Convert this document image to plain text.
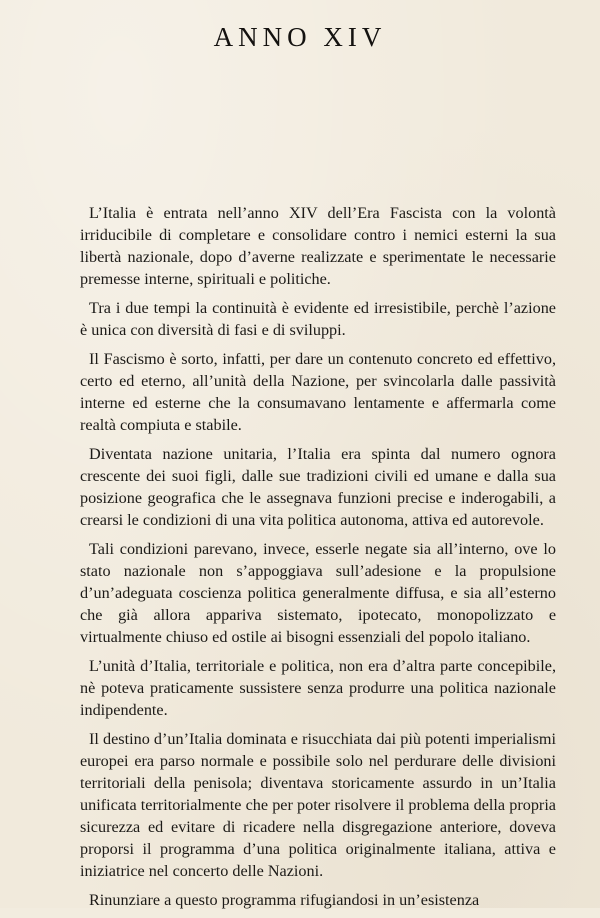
ANNO XIV

L’Italia è entrata nell’anno XIV dell’Era Fascista con la volontà irriducibile di completare e consolidare contro i nemici esterni la sua libertà nazionale, dopo d’averne realizzate e sperimentate le necessarie premesse interne, spirituali e politiche.

Tra i due tempi la continuità è evidente ed irresistibile, perchè l’azione è unica con diversità di fasi e di sviluppi.

Il Fascismo è sorto, infatti, per dare un contenuto concreto ed effettivo, certo ed eterno, all’unità della Nazione, per svincolarla dalle passività interne ed esterne che la consumavano lentamente e affermarla come realtà compiuta e stabile.

Diventata nazione unitaria, l’Italia era spinta dal numero ognora crescente dei suoi figli, dalle sue tradizioni civili ed umane e dalla sua posizione geografica che le assegnava funzioni precise e inderogabili, a crearsi le condizioni di una vita politica autonoma, attiva ed autorevole.

Tali condizioni parevano, invece, esserle negate sia all’interno, ove lo stato nazionale non s’appoggiava sull’adesione e la propulsione d’un’adeguata coscienza politica generalmente diffusa, e sia all’esterno che già allora appariva sistemato, ipotecato, monopolizzato e virtualmente chiuso ed ostile ai bisogni essenziali del popolo italiano.

L’unità d’Italia, territoriale e politica, non era d’altra parte concepibile, nè poteva praticamente sussistere senza produrre una politica nazionale indipendente.

Il destino d’un’Italia dominata e risucchiata dai più potenti imperialismi europei era parso normale e possibile solo nel perdurare delle divisioni territoriali della penisola; diventava storicamente assurdo in un’Italia unificata territorialmente che per poter risolvere il problema della propria sicurezza ed evitare di ricadere nella disgregazione anteriore, doveva proporsi il programma d’una politica originalmente italiana, attiva e iniziatrice nel concerto delle Nazioni.

Rinunziare a questo programma rifugiandosi in un’esistenza
